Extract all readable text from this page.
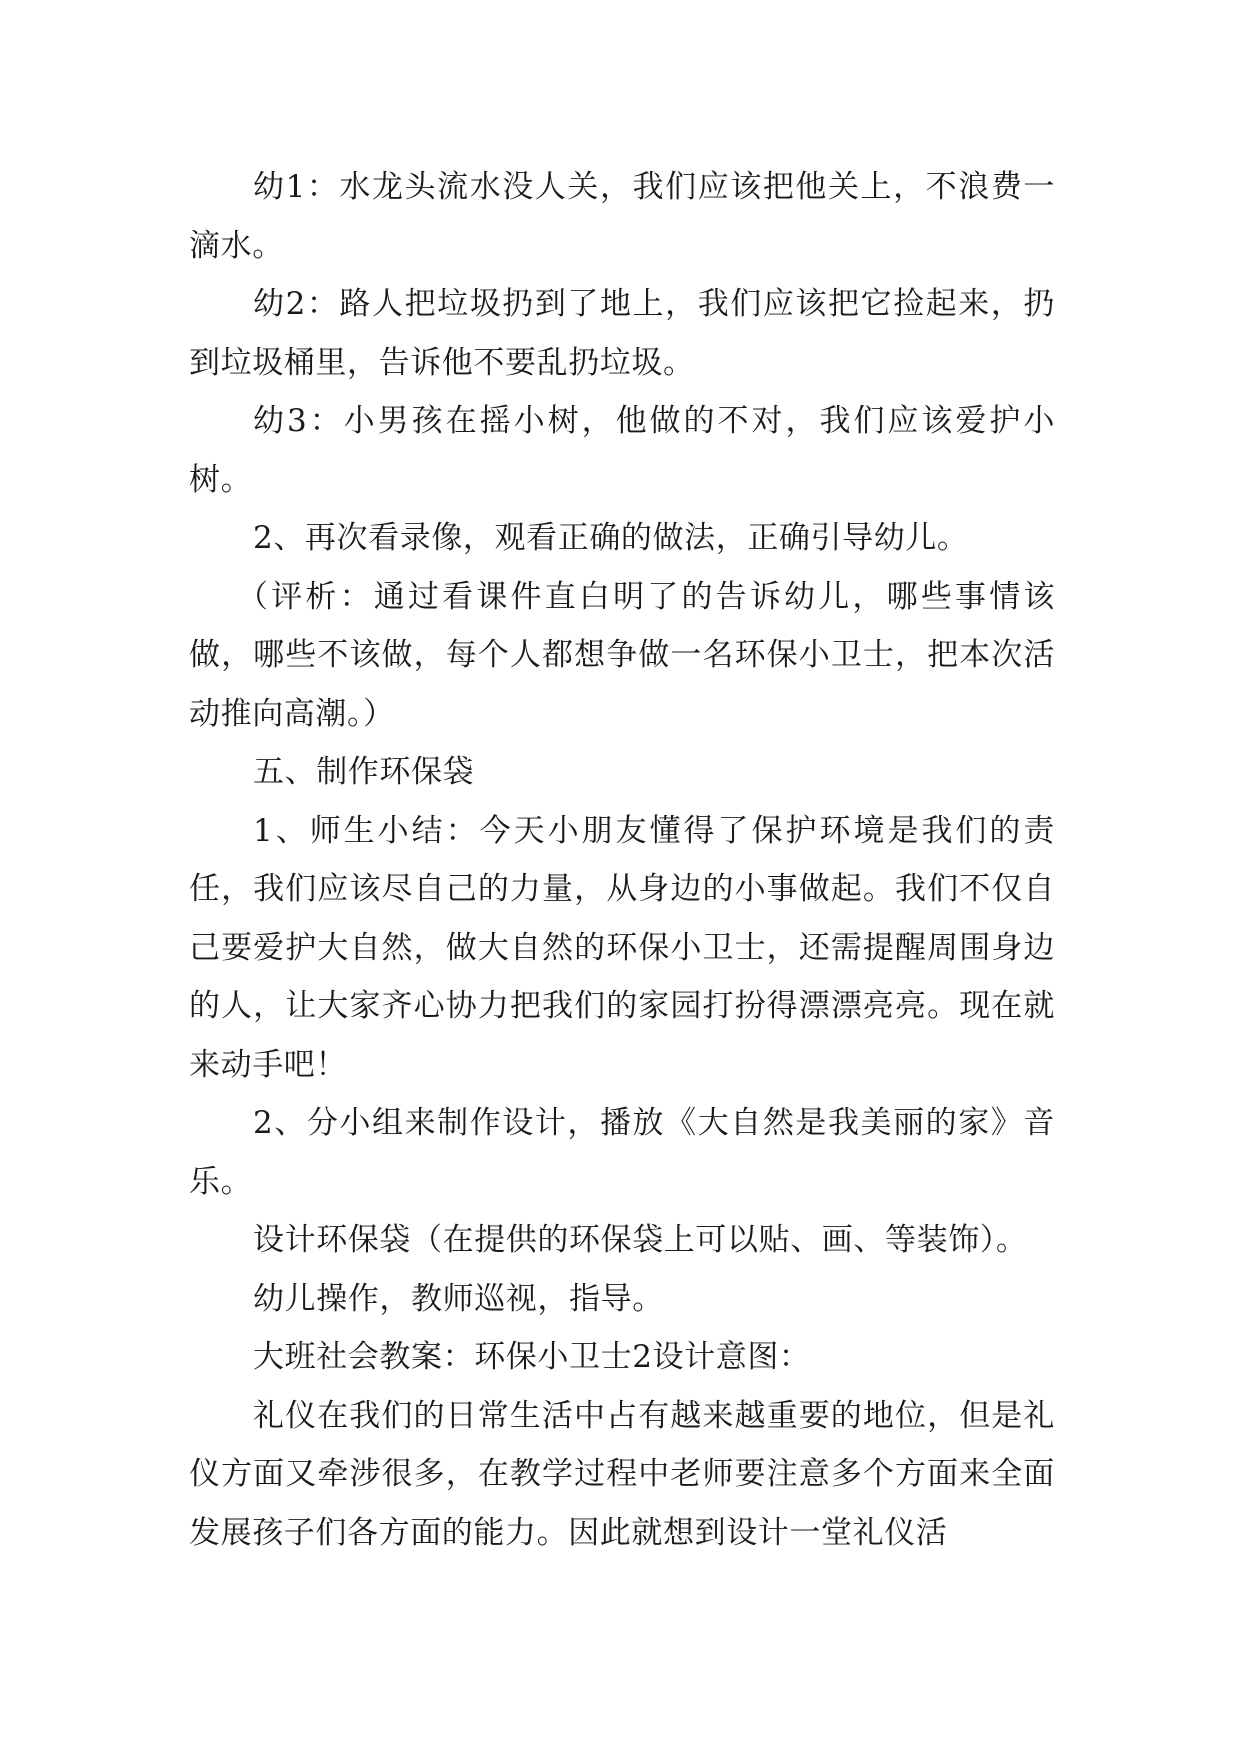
幼1：水龙头流水没人关，我们应该把他关上，不浪费一滴水。

幼2：路人把垃圾扔到了地上，我们应该把它捡起来，扔到垃圾桶里，告诉他不要乱扔垃圾。

幼3：小男孩在摇小树，他做的不对，我们应该爱护小树。

2、再次看录像，观看正确的做法，正确引导幼儿。

（评析：通过看课件直白明了的告诉幼儿，哪些事情该做，哪些不该做，每个人都想争做一名环保小卫士，把本次活动推向高潮。）

五、制作环保袋

1、师生小结：今天小朋友懂得了保护环境是我们的责任，我们应该尽自己的力量，从身边的小事做起。我们不仅自己要爱护大自然，做大自然的环保小卫士，还需提醒周围身边的人，让大家齐心协力把我们的家园打扮得漂漂亮亮。现在就来动手吧！

2、分小组来制作设计，播放《大自然是我美丽的家》音乐。

设计环保袋（在提供的环保袋上可以贴、画、等装饰）。

幼儿操作，教师巡视，指导。

大班社会教案：环保小卫士2设计意图：

礼仪在我们的日常生活中占有越来越重要的地位，但是礼仪方面又牵涉很多，在教学过程中老师要注意多个方面来全面发展孩子们各方面的能力。因此就想到设计一堂礼仪活
